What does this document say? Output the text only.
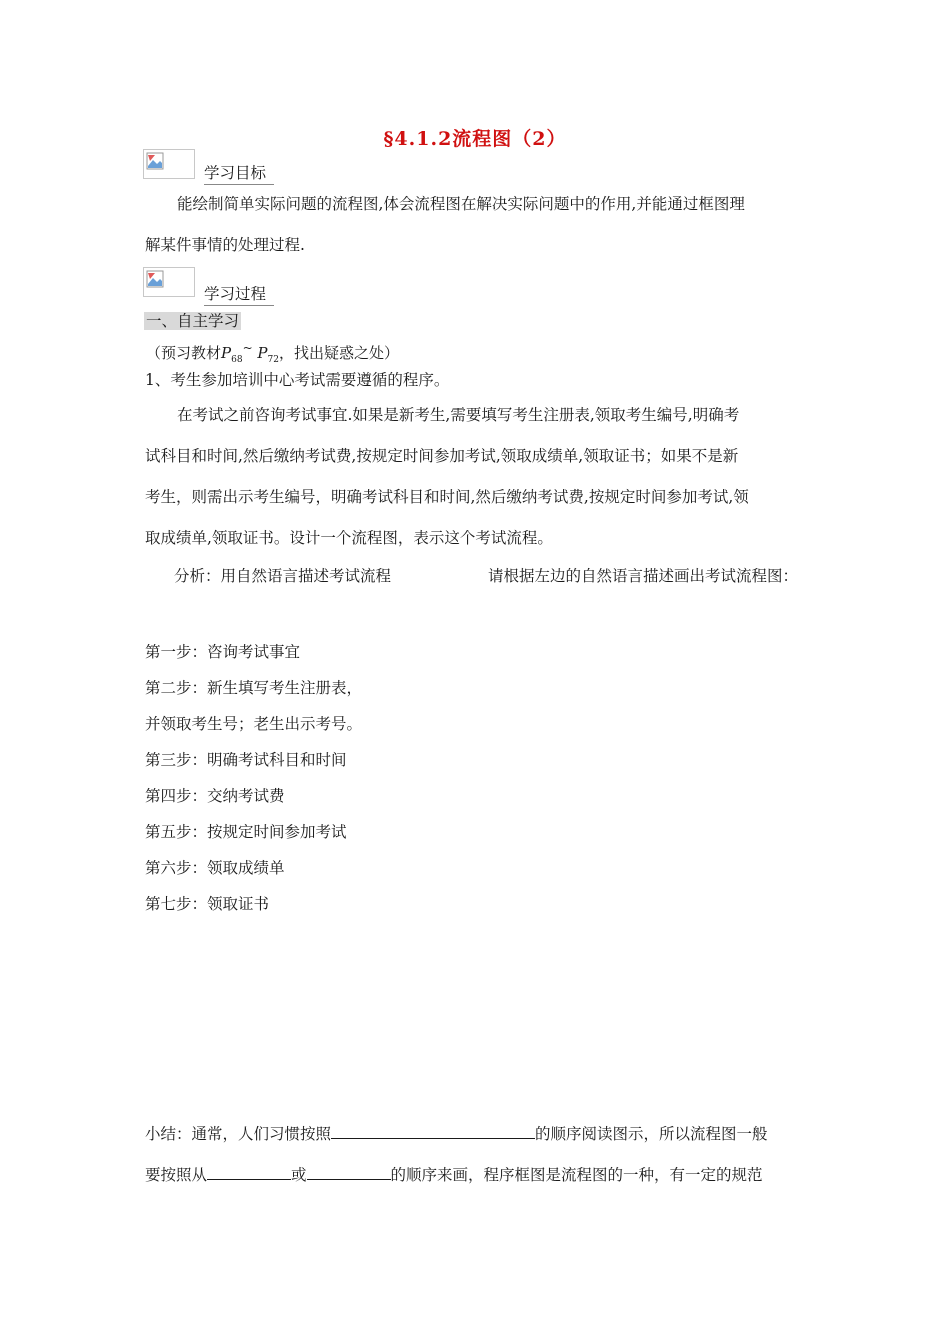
§4.1.2流程图（2）
学习目标
能绘制简单实际问题的流程图,体会流程图在解决实际问题中的作用,并能通过框图理
解某件事情的处理过程.
学习过程
一、自主学习
（预习教材$P_{68}^\sim$ $P_{72}$，找出疑惑之处）
1、考生参加培训中心考试需要遵循的程序。
在考试之前咨询考试事宜.如果是新考生,需要填写考生注册表,领取考生编号,明确考
试科目和时间,然后缴纳考试费,按规定时间参加考试,领取成绩单,领取证书；如果不是新
考生，则需出示考生编号，明确考试科目和时间,然后缴纳考试费,按规定时间参加考试,领
取成绩单,领取证书。设计一个流程图，表示这个考试流程。
分析：用自然语言描述考试流程	请根据左边的自然语言描述画出考试流程图：
第一步：咨询考试事宜
第二步：新生填写考生注册表，
并领取考生号；老生出示考号。
第三步：明确考试科目和时间
第四步：交纳考试费
第五步：按规定时间参加考试
第六步：领取成绩单
第七步：领取证书
小结：通常，人们习惯按照	的顺序阅读图示，所以流程图一般
要按照从	或	的顺序来画，程序框图是流程图的一种，有一定的规范
